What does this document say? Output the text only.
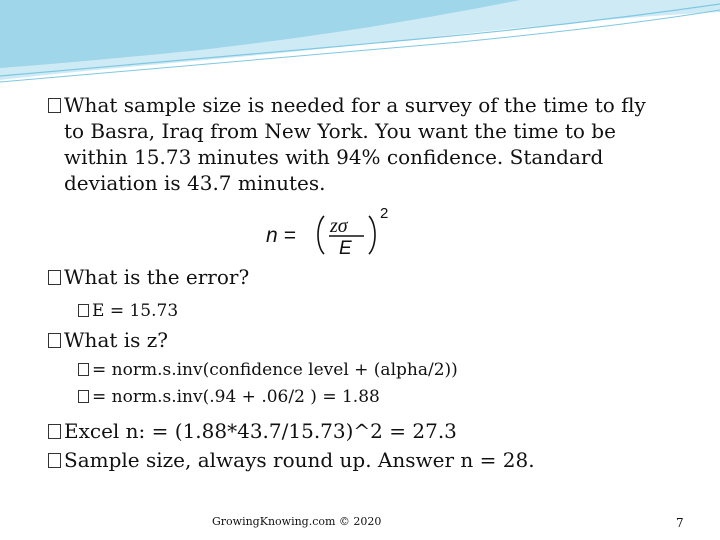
What sample size is needed for a survey of the time to fly
to Basra, Iraq from New York. You want the time to be
within 15.73 minutes with 94% confidence. Standard
deviation is 43.7 minutes.
n = zσ
E
2
What is the error?
E = 15.73
What is z?
= norm.s.inv(confidence level + (alpha/2))
= norm.s.inv(.94 + .06/2 ) = 1.88
Excel n: = (1.88*43.7/15.73)^2 = 27.3
Sample size, always round up. Answer n = 28.
GrowingKnowing.com © 2020	7
